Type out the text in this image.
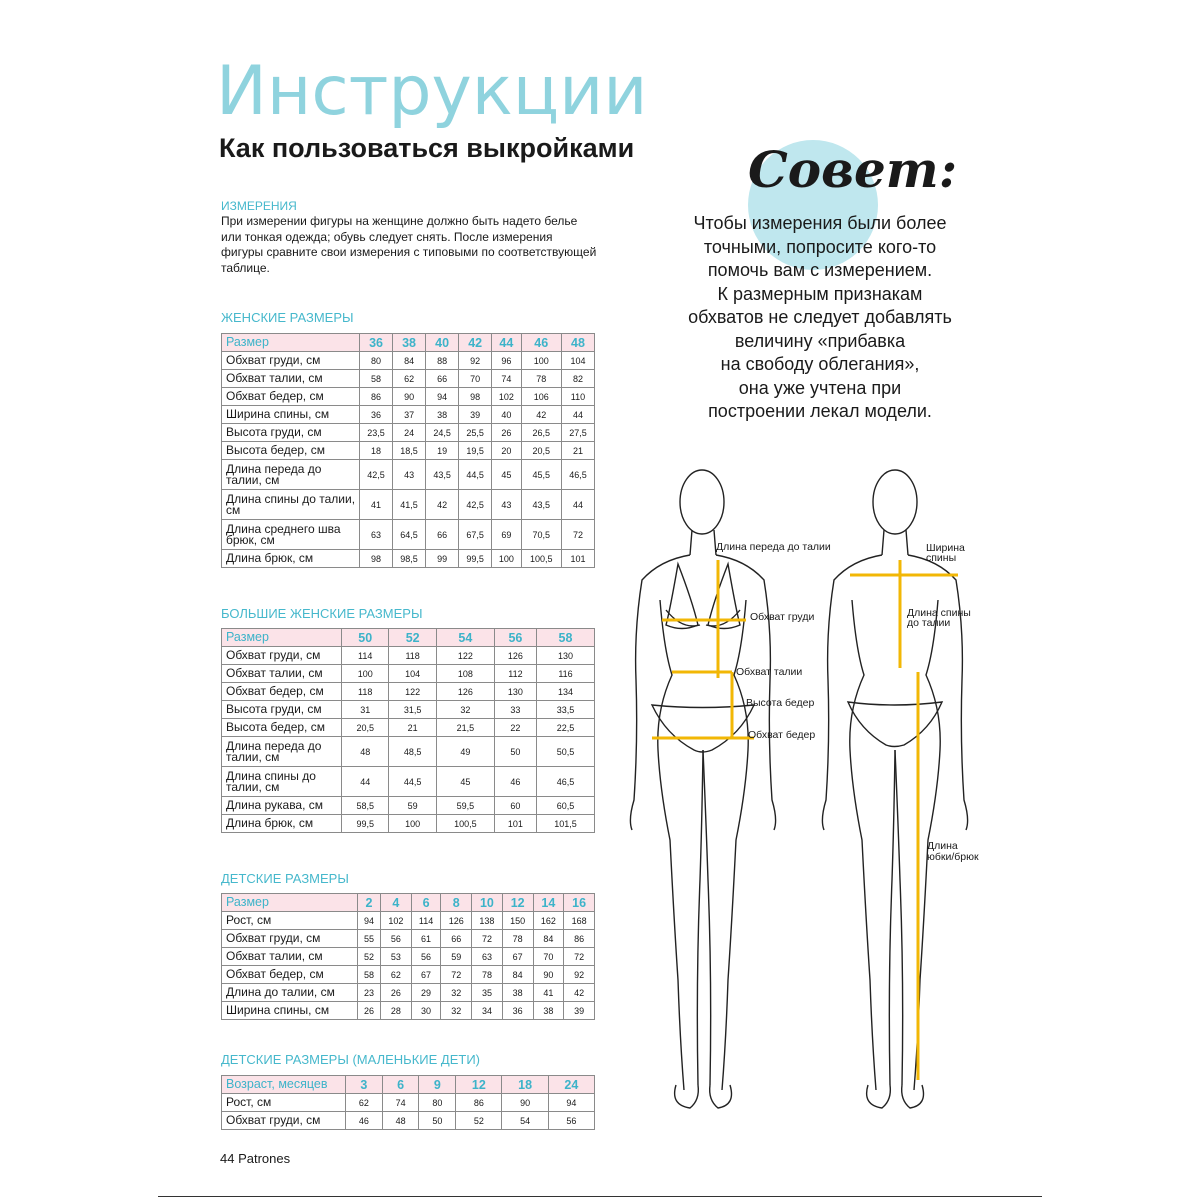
Инструкции
Как пользоваться выкройками
ИЗМЕРЕНИЯ

При измерении фигуры на женщине должно быть надето белье или тонкая одежда; обувь следует снять. После измерения фигуры сравните свои измерения с типовыми по соответствующей таблице.

ЖЕНСКИЕ РАЗМЕРЫ
Размер	36	38	40	42	44	46	48
Обхват груди, см	80	84	88	92	96	100	104
Обхват талии, см	58	62	66	70	74	78	82
Обхват бедер, см	86	90	94	98	102	106	110
Ширина спины, см	36	37	38	39	40	42	44
Высота груди, см	23,5	24	24,5	25,5	26	26,5	27,5
Высота бедер, см	18	18,5	19	19,5	20	20,5	21
Длина переда до талии, см	42,5	43	43,5	44,5	45	45,5	46,5
Длина спины до талии, см	41	41,5	42	42,5	43	43,5	44
Длина среднего шва брюк, см	63	64,5	66	67,5	69	70,5	72
Длина брюк, см	98	98,5	99	99,5	100	100,5	101
БОЛЬШИЕ ЖЕНСКИЕ РАЗМЕРЫ
Размер	50	52	54	56	58
Обхват груди, см	114	118	122	126	130
Обхват талии, см	100	104	108	112	116
Обхват бедер, см	118	122	126	130	134
Высота груди, см	31	31,5	32	33	33,5
Высота бедер, см	20,5	21	21,5	22	22,5
Длина переда до талии, см	48	48,5	49	50	50,5
Длина спины до талии, см	44	44,5	45	46	46,5
Длина рукава, см	58,5	59	59,5	60	60,5
Длина брюк, см	99,5	100	100,5	101	101,5
ДЕТСКИЕ РАЗМЕРЫ
Размер	2	4	6	8	10	12	14	16
Рост, см	94	102	114	126	138	150	162	168
Обхват груди, см	55	56	61	66	72	78	84	86
Обхват талии, см	52	53	56	59	63	67	70	72
Обхват бедер, см	58	62	67	72	78	84	90	92
Длина до талии, см	23	26	29	32	35	38	41	42
Ширина спины, см	26	28	30	32	34	36	38	39
ДЕТСКИЕ РАЗМЕРЫ (МАЛЕНЬКИЕ ДЕТИ)
Возраст, месяцев	3	6	9	12	18	24
Рост, см	62	74	80	86	90	94
Обхват груди, см	46	48	50	52	54	56
Совет:
Чтобы измерения были более
точными, попросите кого-то
помочь вам с измерением.
К размерным признакам
обхватов не следует добавлять
величину «прибавка
на свободу облегания»,
она уже учтена при
построении лекал модели.
Длина переда до талии
Обхват груди
Обхват талии
Высота бедер
Обхват бедер
Ширина
спины
Длина спины
до талии
Длина
юбки/брюк

44 Patrones
